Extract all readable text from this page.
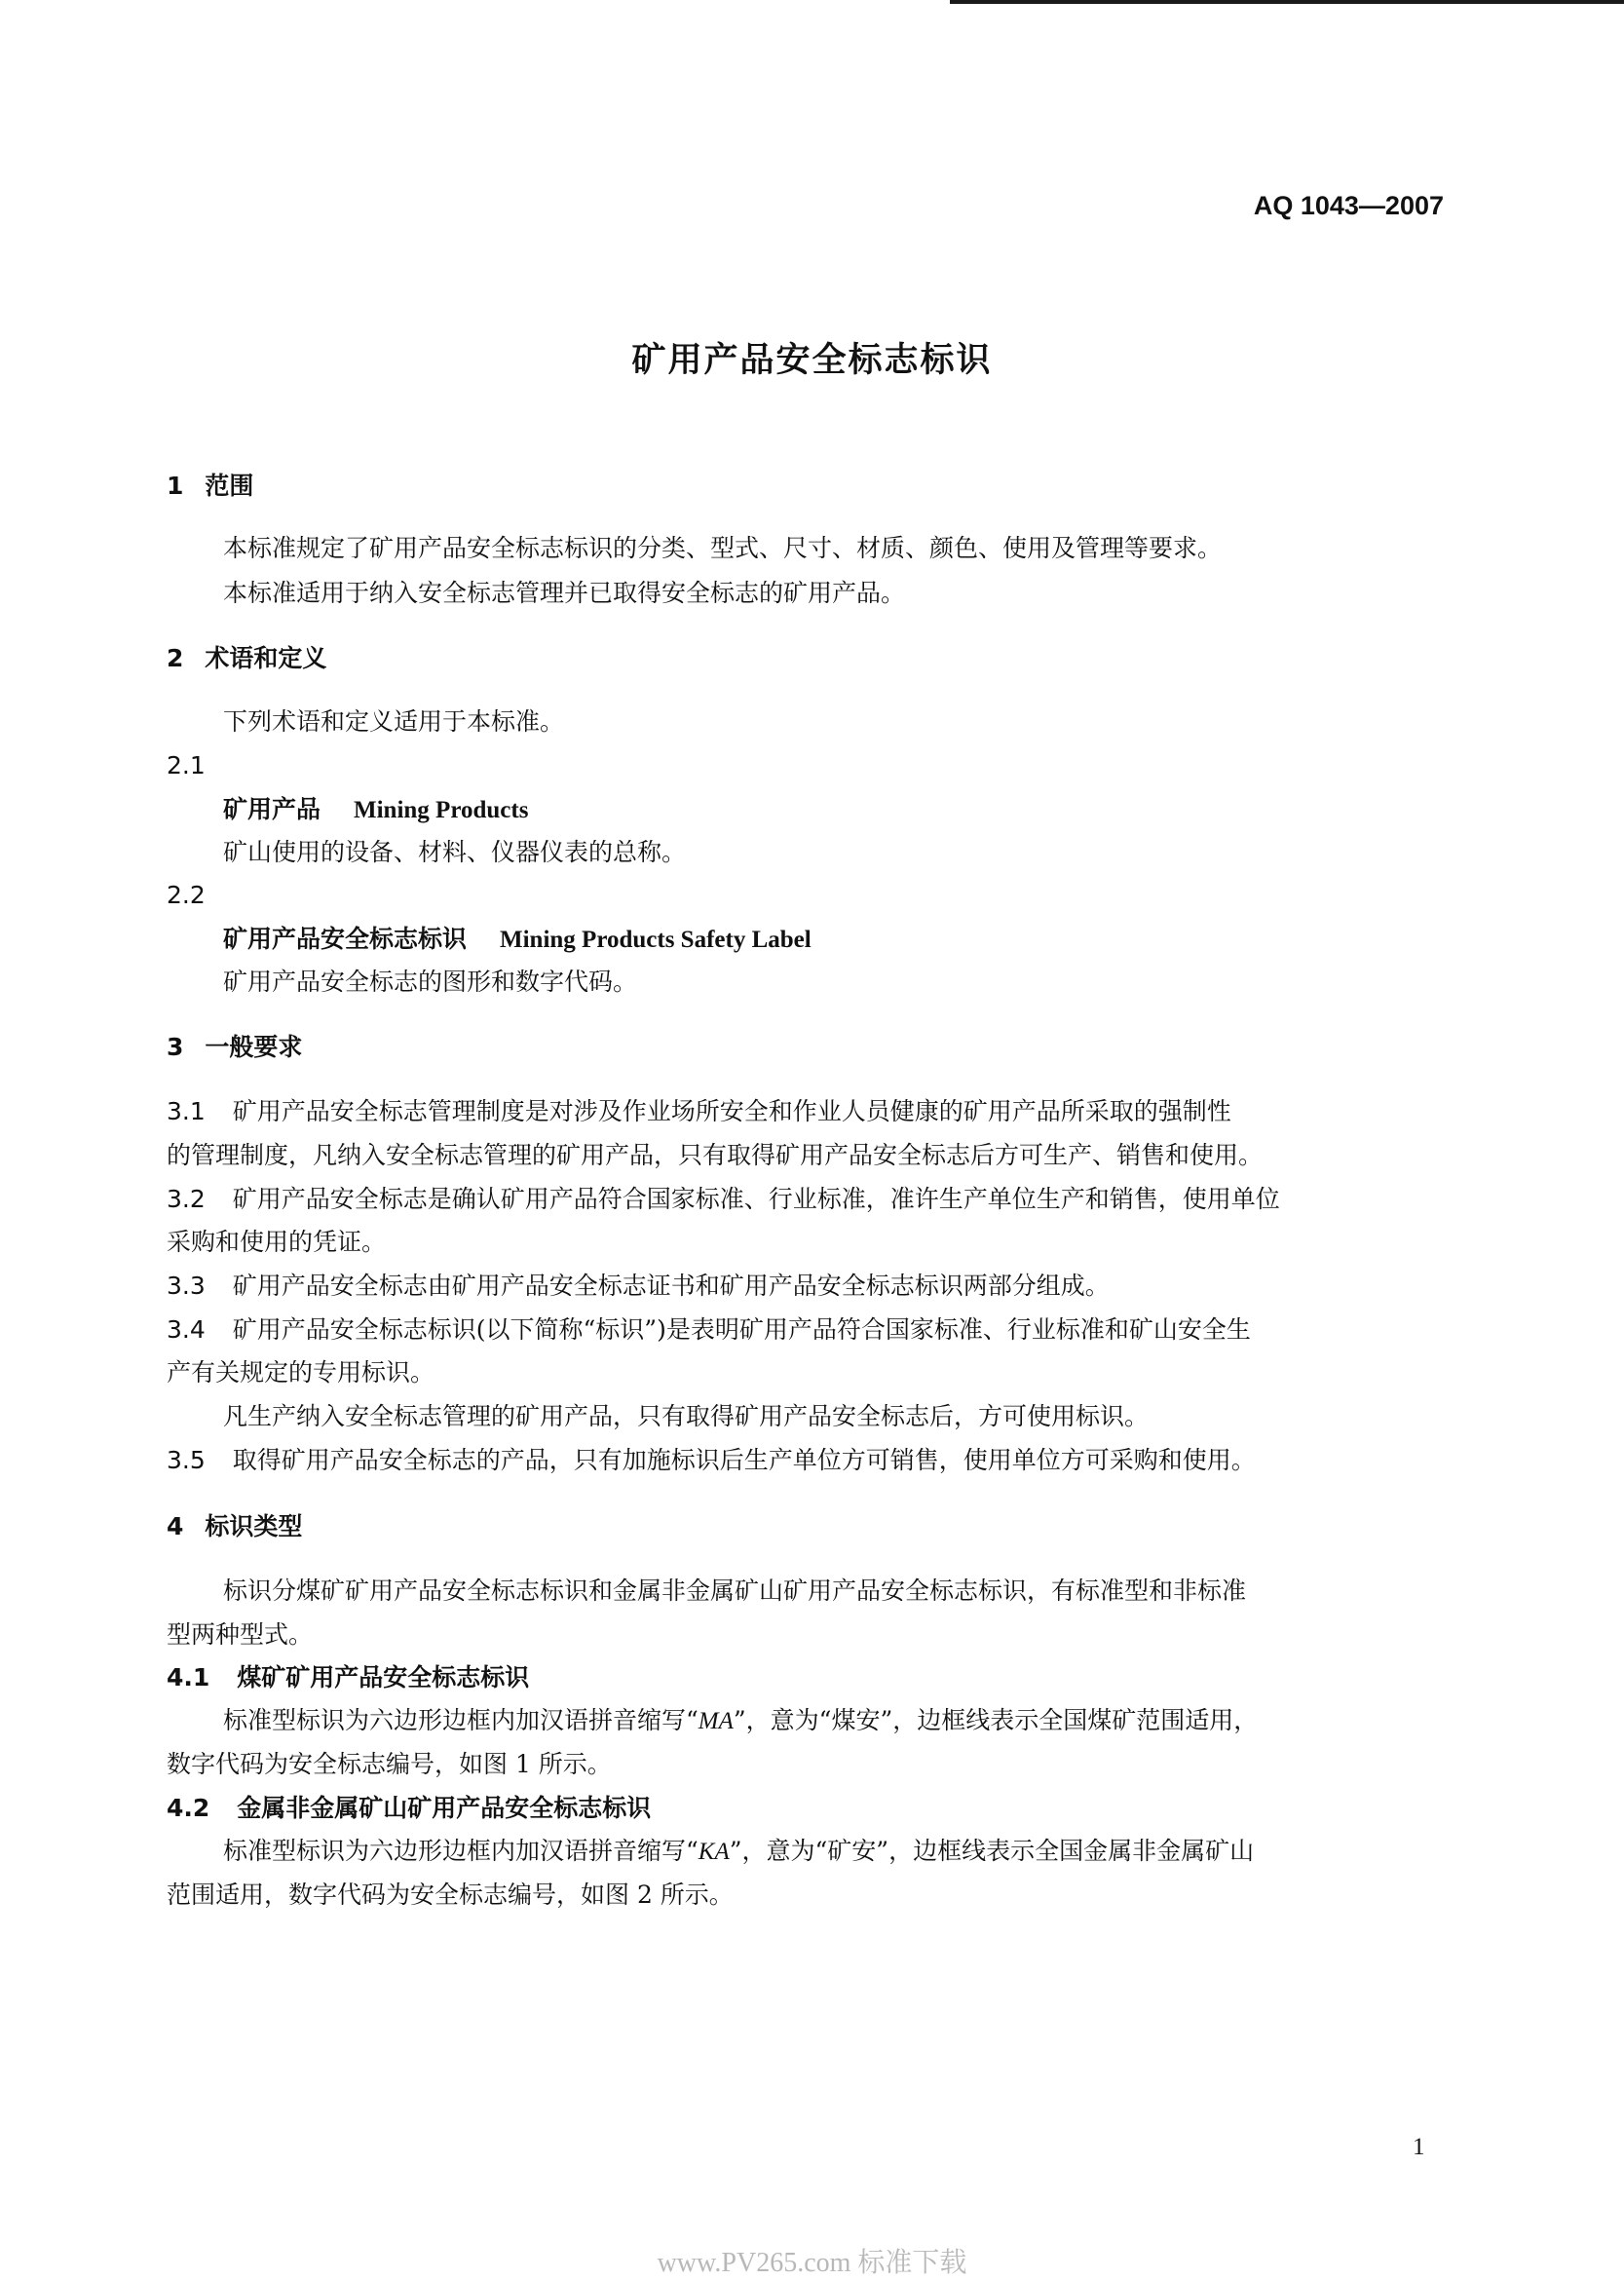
AQ 1043—2007
矿用产品安全标志标识
1 范围
本标准规定了矿用产品安全标志标识的分类、型式、尺寸、材质、颜色、使用及管理等要求。
本标准适用于纳入安全标志管理并已取得安全标志的矿用产品。
2 术语和定义
下列术语和定义适用于本标准。
2.1
矿用产品 Mining Products
矿山使用的设备、材料、仪器仪表的总称。
2.2
矿用产品安全标志标识 Mining Products Safety Label
矿用产品安全标志的图形和数字代码。
3 一般要求
3.1 矿用产品安全标志管理制度是对涉及作业场所安全和作业人员健康的矿用产品所采取的强制性
的管理制度，凡纳入安全标志管理的矿用产品，只有取得矿用产品安全标志后方可生产、销售和使用。
3.2 矿用产品安全标志是确认矿用产品符合国家标准、行业标准，准许生产单位生产和销售，使用单位
采购和使用的凭证。
3.3 矿用产品安全标志由矿用产品安全标志证书和矿用产品安全标志标识两部分组成。
3.4 矿用产品安全标志标识(以下简称“标识”)是表明矿用产品符合国家标准、行业标准和矿山安全生
产有关规定的专用标识。
凡生产纳入安全标志管理的矿用产品，只有取得矿用产品安全标志后，方可使用标识。
3.5 取得矿用产品安全标志的产品，只有加施标识后生产单位方可销售，使用单位方可采购和使用。
4 标识类型
标识分煤矿矿用产品安全标志标识和金属非金属矿山矿用产品安全标志标识，有标准型和非标准
型两种型式。
4.1 煤矿矿用产品安全标志标识
标准型标识为六边形边框内加汉语拼音缩写“MA”，意为“煤安”，边框线表示全国煤矿范围适用，
数字代码为安全标志编号，如图 1 所示。
4.2 金属非金属矿山矿用产品安全标志标识
标准型标识为六边形边框内加汉语拼音缩写“KA”，意为“矿安”，边框线表示全国金属非金属矿山
范围适用，数字代码为安全标志编号，如图 2 所示。
1
www.PV265.com 标准下载
